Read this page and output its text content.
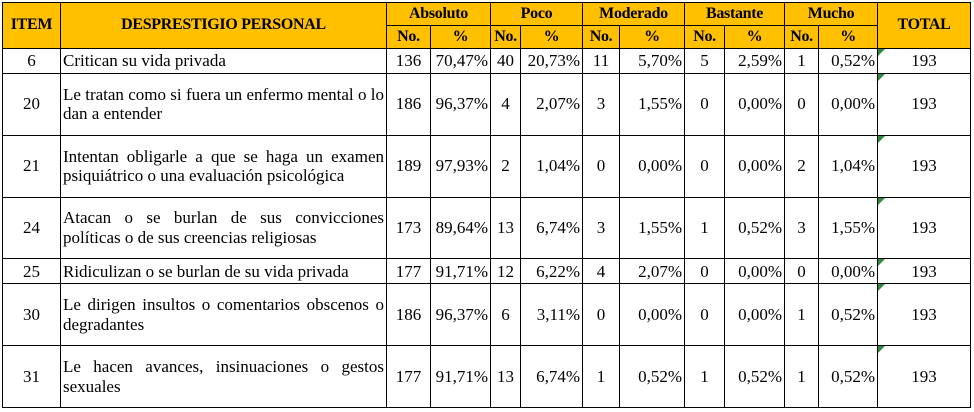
ITEM	DESPRESTIGIO PERSONAL	Absoluto		Poco		Moderado		Bastante		Mucho		TOTAL
		No.	%	No.	%	No.	%	No.	%	No.	%	
6	Critican su vida privada	136	70,47%	40	20,73%	11	5,70%	5	2,59%	1	0,52%	193
20	Le tratan como si fuera un enfermo mental o lo dan a entender	186	96,37%	4	2,07%	3	1,55%	0	0,00%	0	0,00%	193
21	Intentan obligarle a que se haga un examen psiquiátrico o una evaluación psicológica	189	97,93%	2	1,04%	0	0,00%	0	0,00%	2	1,04%	193
24	Atacan o se burlan de sus convicciones políticas o de sus creencias religiosas	173	89,64%	13	6,74%	3	1,55%	1	0,52%	3	1,55%	193
25	Ridiculizan o se burlan de su vida privada	177	91,71%	12	6,22%	4	2,07%	0	0,00%	0	0,00%	193
30	Le dirigen insultos o comentarios obscenos o degradantes	186	96,37%	6	3,11%	0	0,00%	0	0,00%	1	0,52%	193
31	Le hacen avances, insinuaciones o gestos sexuales	177	91,71%	13	6,74%	1	0,52%	1	0,52%	1	0,52%	193
